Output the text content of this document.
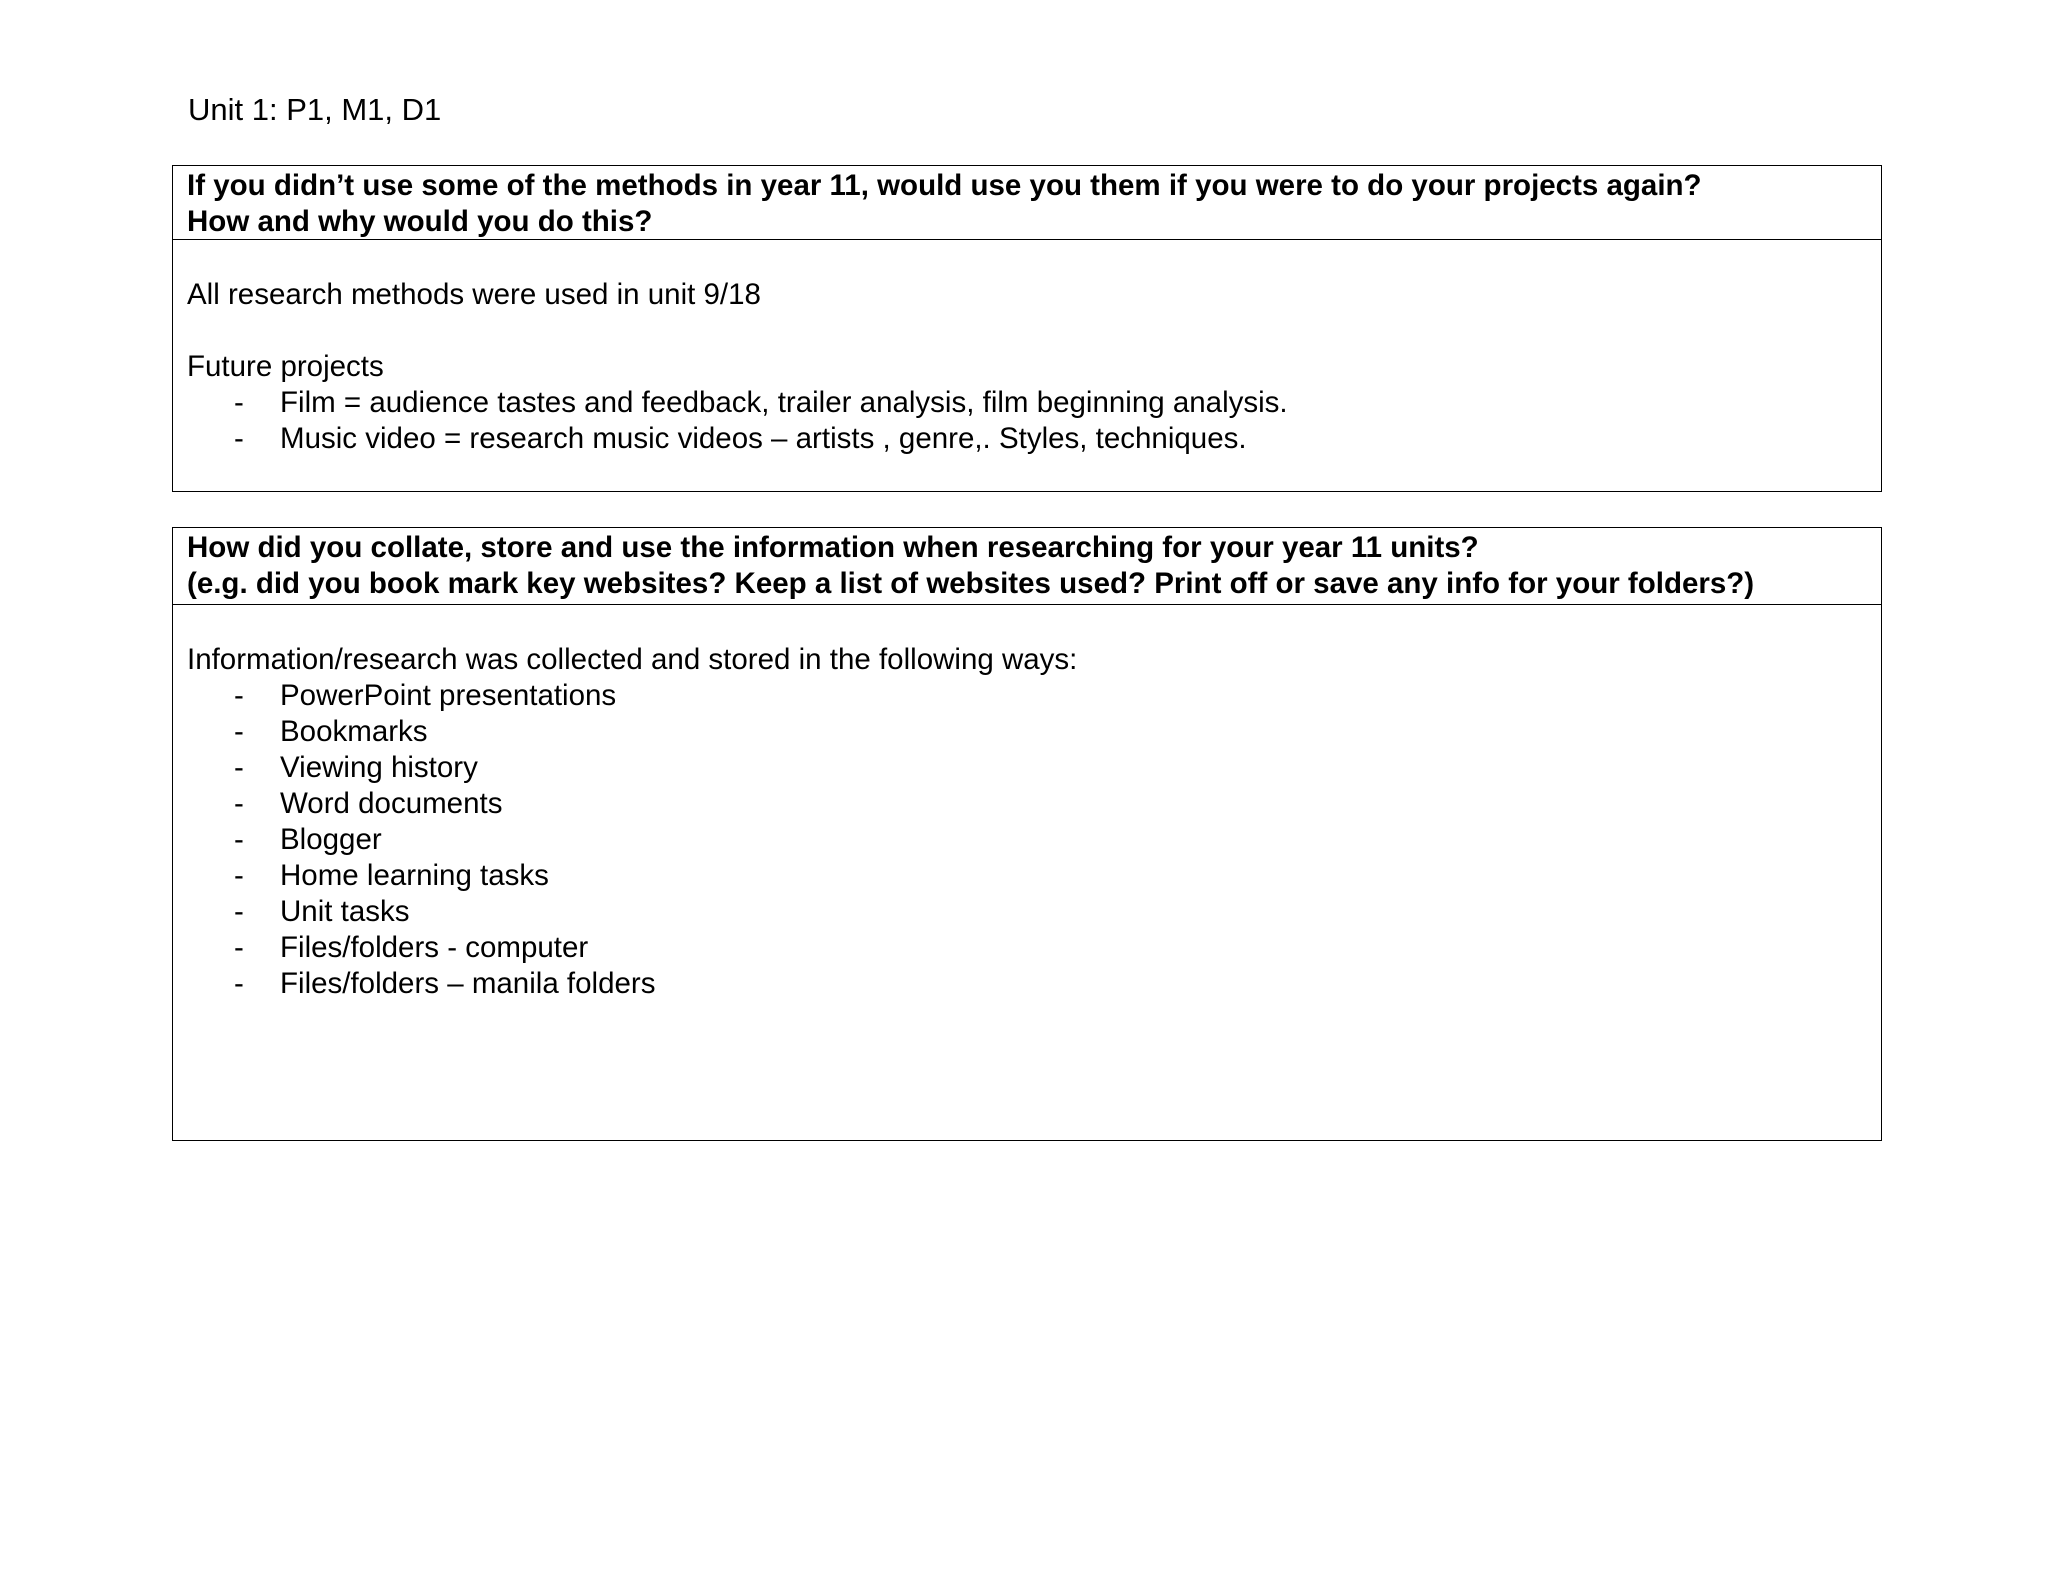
Unit 1: P1, M1, D1
If you didn’t use some of the methods in year 11, would use you them if you were to do your projects again?
How and why would you do this?
All research methods were used in unit 9/18
Future projects
- Film = audience tastes and feedback, trailer analysis, film beginning analysis.
- Music video = research music videos – artists , genre,. Styles, techniques.
How did you collate, store and use the information when researching for your year 11 units?
(e.g. did you book mark key websites? Keep a list of websites used? Print off or save any info for your folders?)
Information/research was collected and stored in the following ways:
- PowerPoint presentations
- Bookmarks
- Viewing history
- Word documents
- Blogger
- Home learning tasks
- Unit tasks
- Files/folders - computer
- Files/folders – manila folders
